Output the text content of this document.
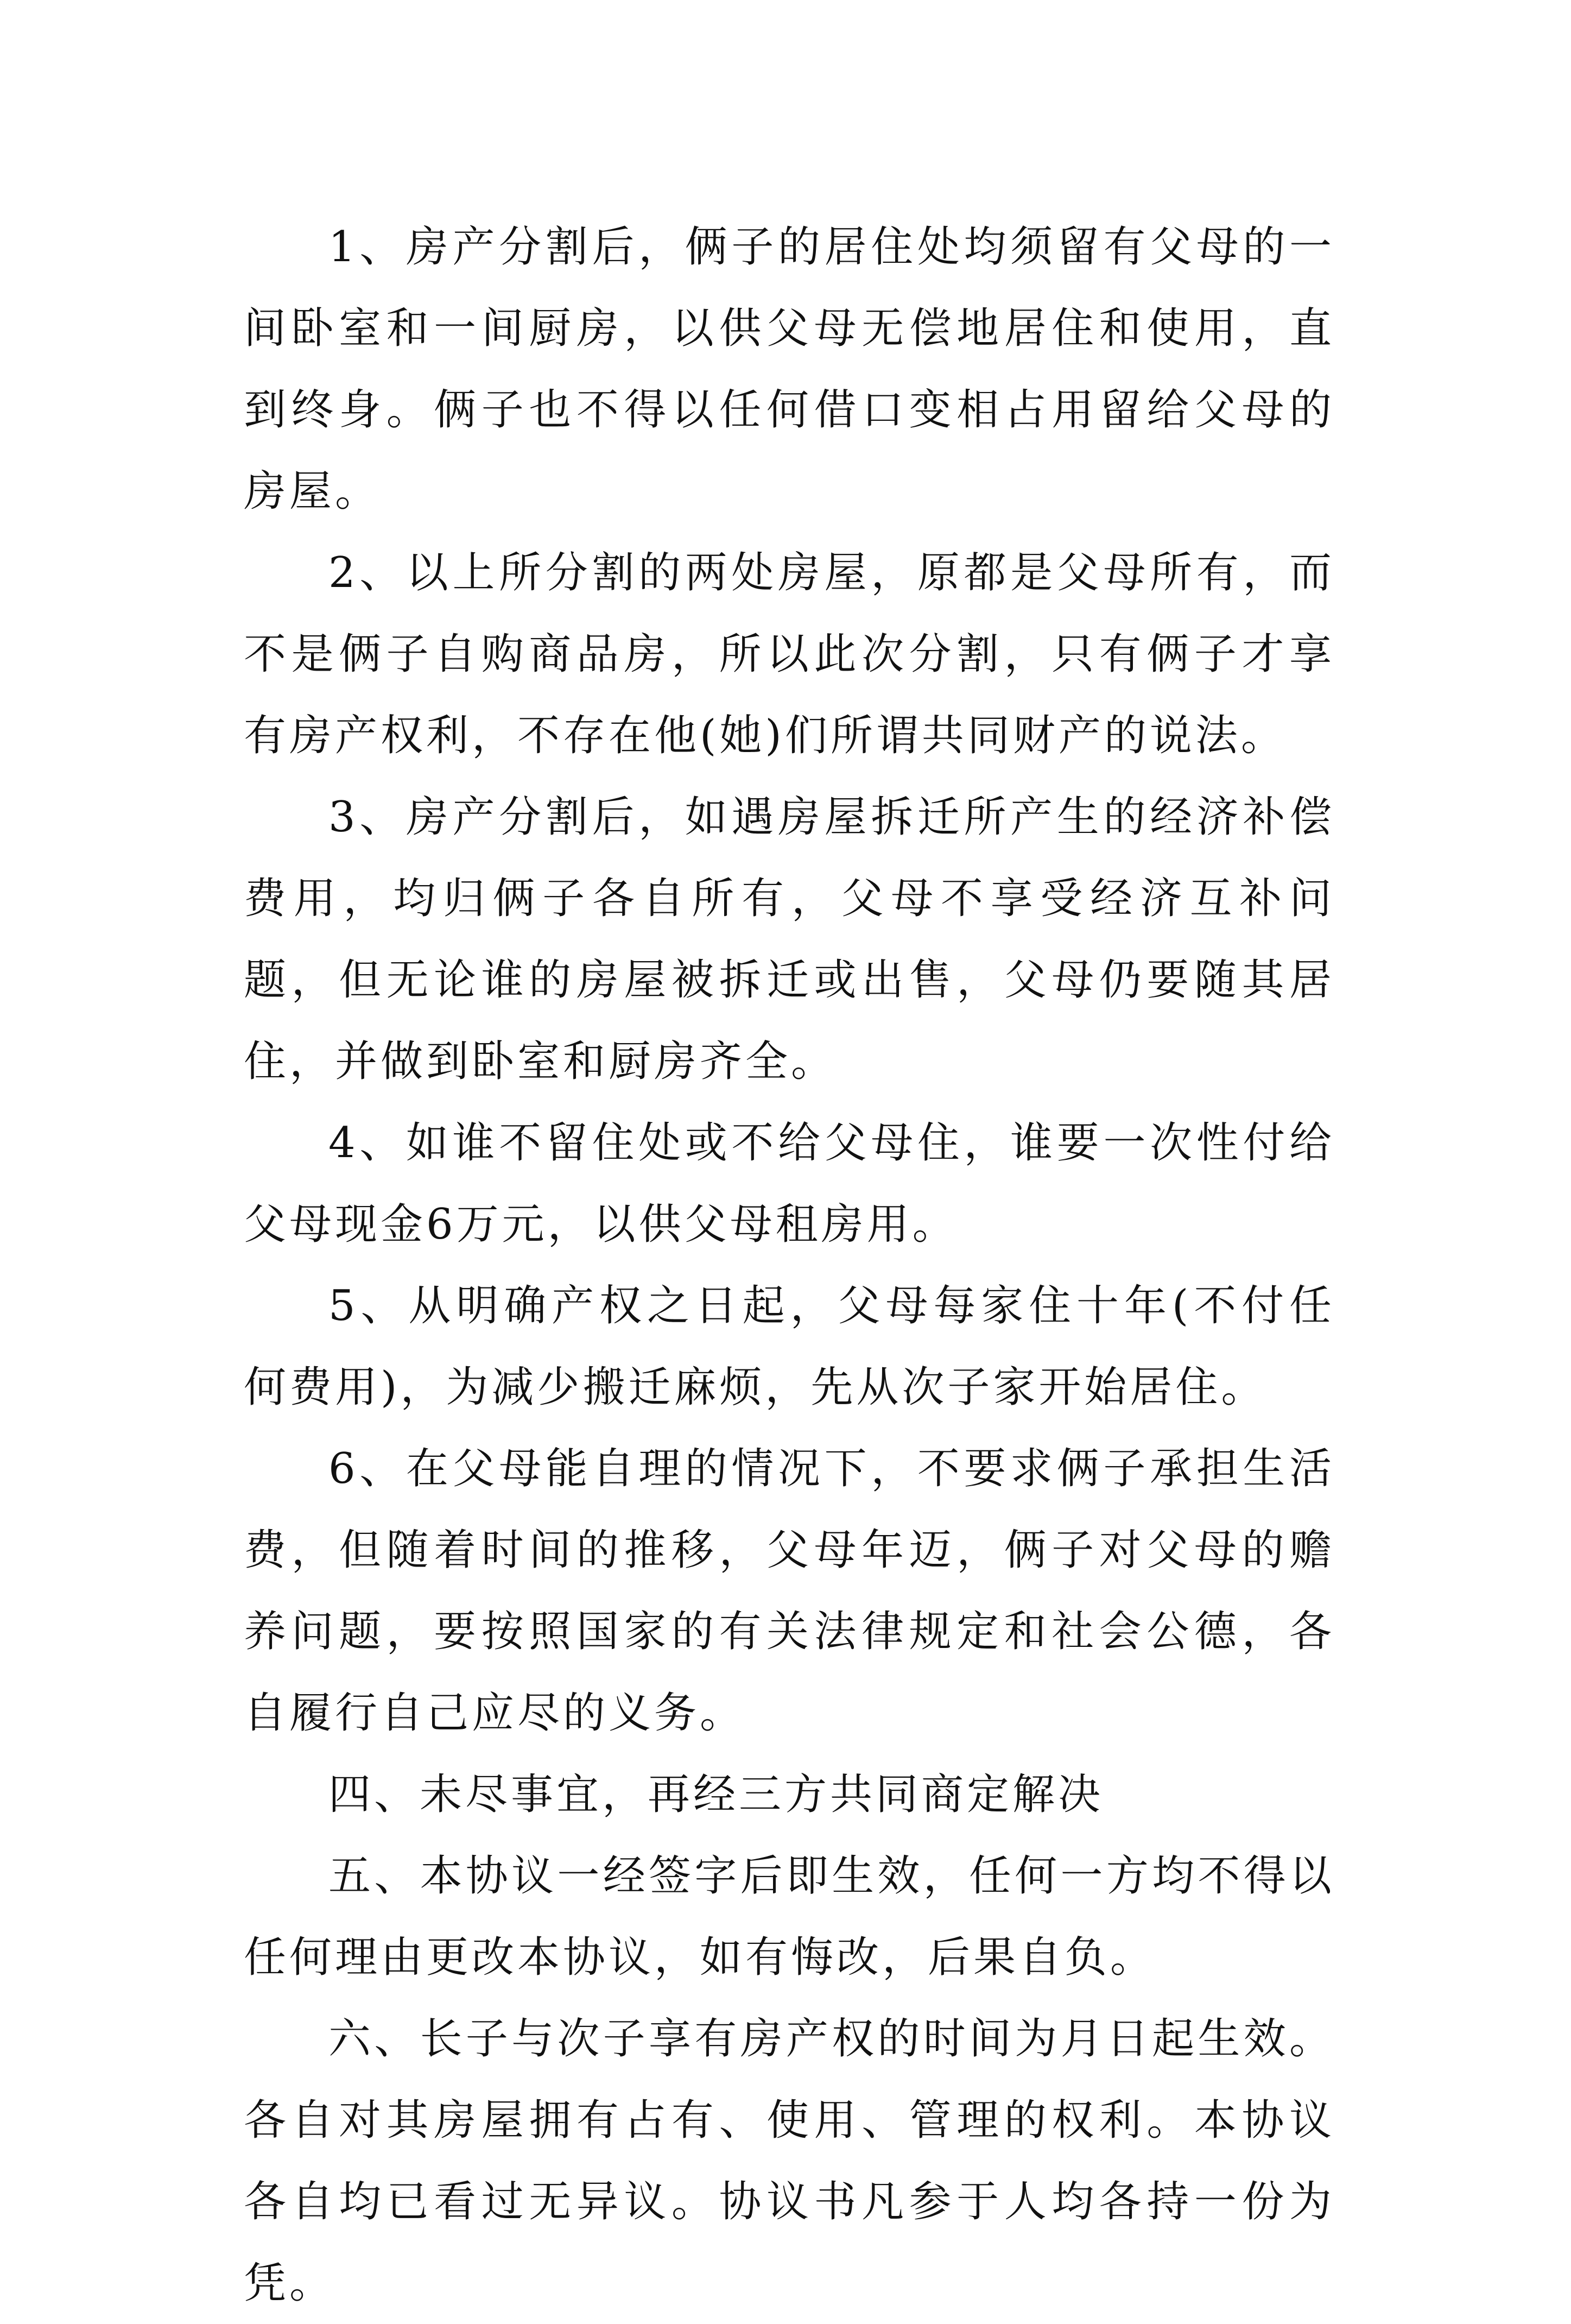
1、房产分割后，俩子的居住处均须留有父母的一间卧室和一间厨房，以供父母无偿地居住和使用，直到终身。俩子也不得以任何借口变相占用留给父母的房屋。

2、以上所分割的两处房屋，原都是父母所有，而不是俩子自购商品房，所以此次分割，只有俩子才享有房产权利，不存在他(她)们所谓共同财产的说法。

3、房产分割后，如遇房屋拆迁所产生的经济补偿费用，均归俩子各自所有，父母不享受经济互补问题，但无论谁的房屋被拆迁或出售，父母仍要随其居住，并做到卧室和厨房齐全。

4、如谁不留住处或不给父母住，谁要一次性付给父母现金6万元，以供父母租房用。

5、从明确产权之日起，父母每家住十年(不付任何费用)，为减少搬迁麻烦，先从次子家开始居住。

6、在父母能自理的情况下，不要求俩子承担生活费，但随着时间的推移，父母年迈，俩子对父母的赡养问题，要按照国家的有关法律规定和社会公德，各自履行自己应尽的义务。

四、未尽事宜，再经三方共同商定解决

五、本协议一经签字后即生效，任何一方均不得以任何理由更改本协议，如有悔改，后果自负。

六、长子与次子享有房产权的时间为月日起生效。各自对其房屋拥有占有、使用、管理的权利。本协议各自均已看过无异议。协议书凡参于人均各持一份为凭。
